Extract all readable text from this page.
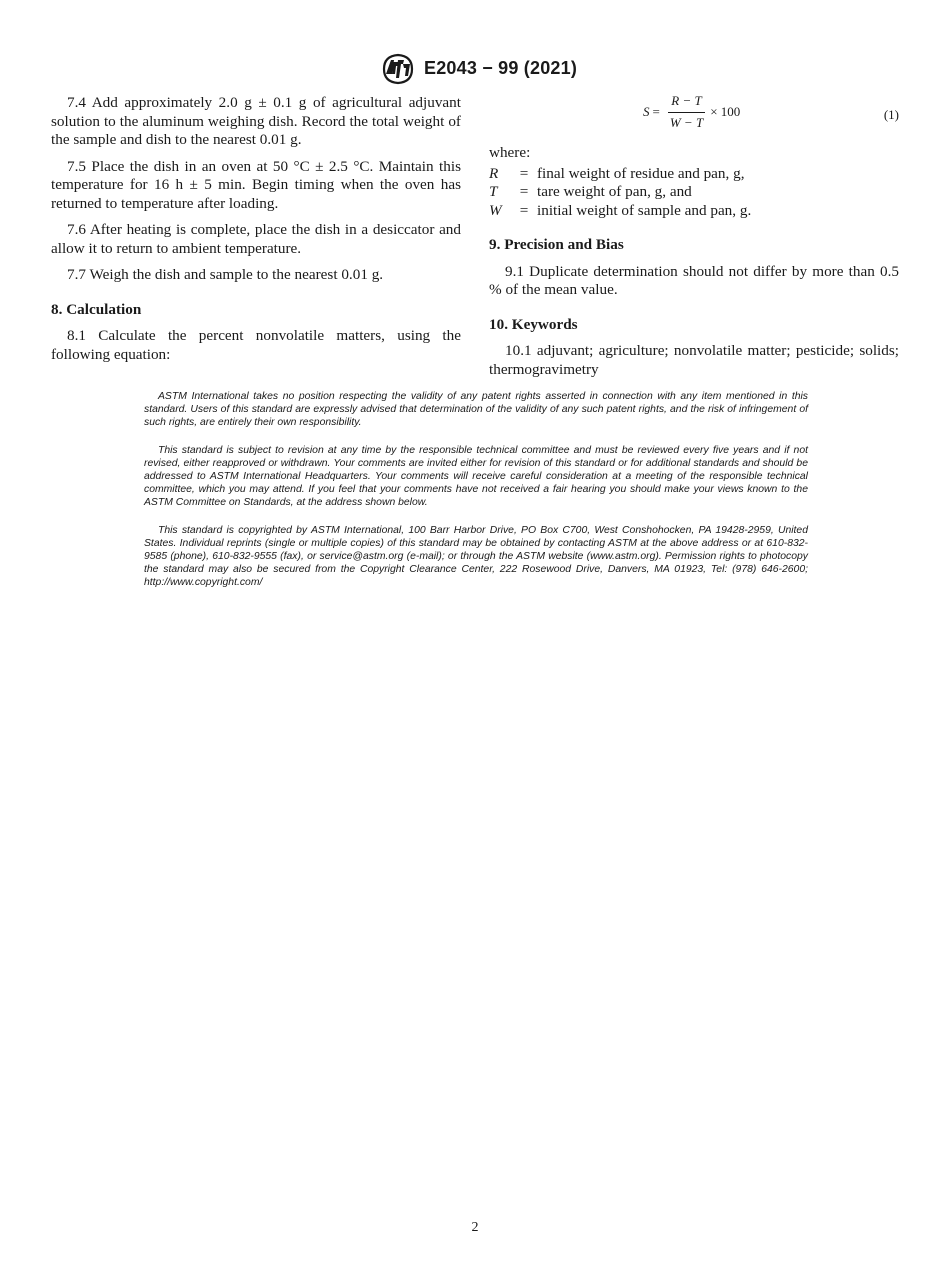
E2043 − 99 (2021)

7.4 Add approximately 2.0 g ± 0.1 g of agricultural adjuvant solution to the aluminum weighing dish. Record the total weight of the sample and dish to the nearest 0.01 g.

7.5 Place the dish in an oven at 50 °C ± 2.5 °C. Maintain this temperature for 16 h ± 5 min. Begin timing when the oven has returned to temperature after loading.

7.6 After heating is complete, place the dish in a desiccator and allow it to return to ambient temperature.

7.7 Weigh the dish and sample to the nearest 0.01 g.

8. Calculation

8.1 Calculate the percent nonvolatile matters, using the following equation:

$S = \frac{R - T}{W - T} \times 100$	(1)

where:

R	= final weight of residue and pan, g,
T	= tare weight of pan, g, and
W	= initial weight of sample and pan, g.
9. Precision and Bias

9.1 Duplicate determination should not differ by more than 0.5 % of the mean value.

10. Keywords

10.1 adjuvant; agriculture; nonvolatile matter; pesticide; solids; thermogravimetry

ASTM International takes no position respecting the validity of any patent rights asserted in connection with any item mentioned in this standard. Users of this standard are expressly advised that determination of the validity of any such patent rights, and the risk of infringement of such rights, are entirely their own responsibility.

This standard is subject to revision at any time by the responsible technical committee and must be reviewed every five years and if not revised, either reapproved or withdrawn. Your comments are invited either for revision of this standard or for additional standards and should be addressed to ASTM International Headquarters. Your comments will receive careful consideration at a meeting of the responsible technical committee, which you may attend. If you feel that your comments have not received a fair hearing you should make your views known to the ASTM Committee on Standards, at the address shown below.

This standard is copyrighted by ASTM International, 100 Barr Harbor Drive, PO Box C700, West Conshohocken, PA 19428-2959, United States. Individual reprints (single or multiple copies) of this standard may be obtained by contacting ASTM at the above address or at 610-832-9585 (phone), 610-832-9555 (fax), or service@astm.org (e-mail); or through the ASTM website (www.astm.org). Permission rights to photocopy the standard may also be secured from the Copyright Clearance Center, 222 Rosewood Drive, Danvers, MA 01923, Tel: (978) 646-2600; http://www.copyright.com/

2
